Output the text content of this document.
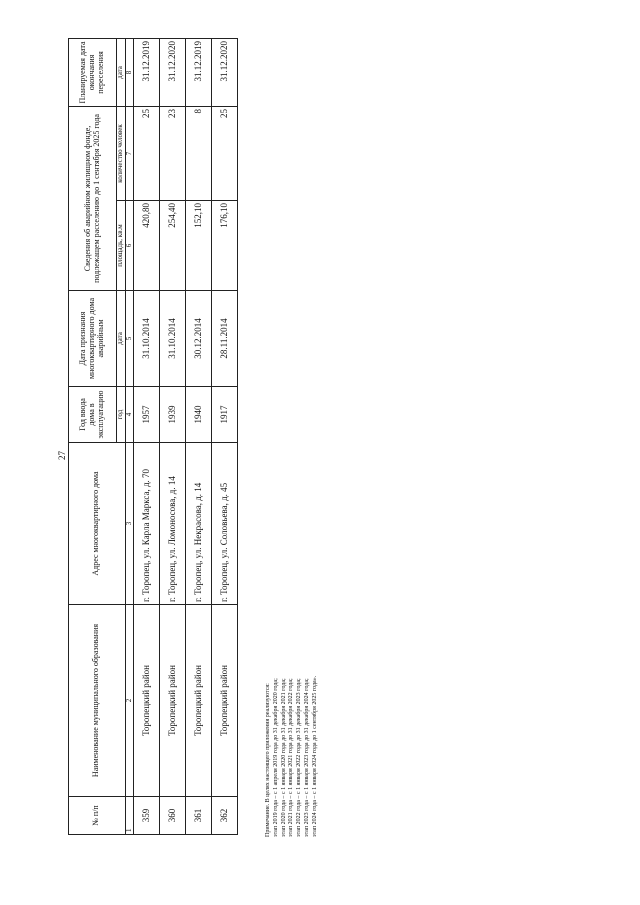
27
№ п/п	Наименование муниципального образования	Адрес многоквартирного дома	Год ввода дома в эксплуатацию	Дата признания многоквартирного дома аварийным	Сведения об аварийном жилищном фонде, подлежащем расселению до 1 сентября 2025 года		Планируемая дата окончания переселения
			год	дата	площадь, кв.м	количество человек	дата
1	2	3	4	5	6	7	8
359	Торопецкий район	г. Торопец, ул. Карла Маркса, д. 70	1957	31.10.2014	420,80	25	31.12.2019
360	Торопецкий район	г. Торопец, ул. Ломоносова, д. 14	1939	31.10.2014	254,40	23	31.12.2020
361	Торопецкий район	г. Торопец, ул. Некрасова, д. 14	1940	30.12.2014	152,10	8	31.12.2019
362	Торопецкий район	г. Торопец, ул. Соловьева, д. 45	1917	28.11.2014	176,10	25	31.12.2020
Примечание. В целях настоящего приложения реализуются: этап 2019 года – с 1 апреля 2019 года до 31 декабря 2020 года; этап 2020 года – с 1 января 2020 года до 31 декабря 2021 года; этап 2021 года – с 1 января 2021 года до 31 декабря 2022 года; этап 2022 года – с 1 января 2022 года до 31 декабря 2023 года; этап 2023 года – с 1 января 2023 года до 31 декабря 2024 года; этап 2024 года – с 1 января 2024 года до 1 сентября 2025 года».
